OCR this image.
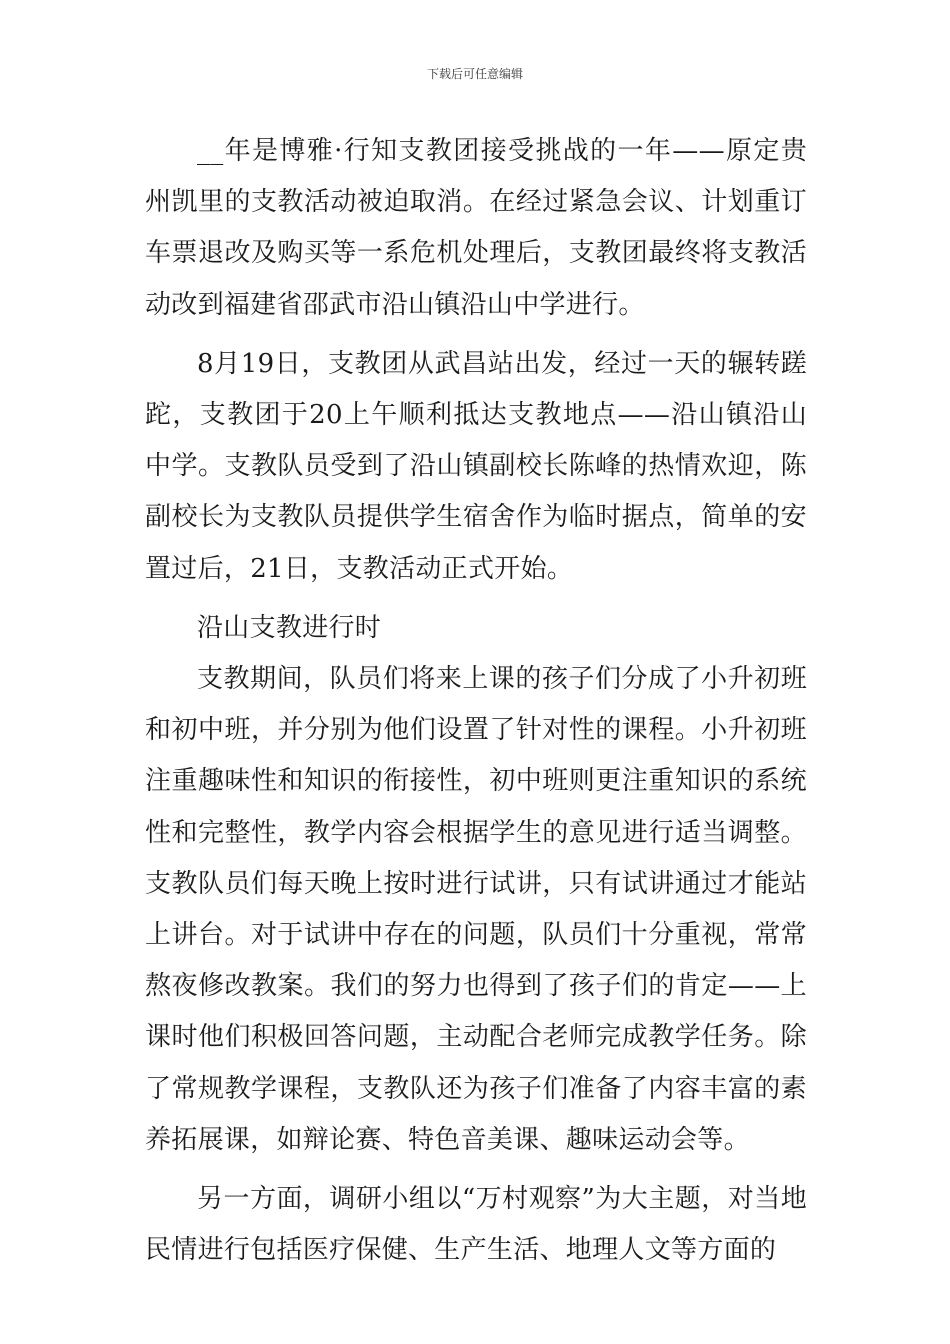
下载后可任意编辑

__年是博雅·行知支教团接受挑战的一年——原定贵州凯里的支教活动被迫取消。在经过紧急会议、计划重订车票退改及购买等一系危机处理后，支教团最终将支教活动改到福建省邵武市沿山镇沿山中学进行。

8月19日，支教团从武昌站出发，经过一天的辗转蹉跎，支教团于20上午顺利抵达支教地点——沿山镇沿山中学。支教队员受到了沿山镇副校长陈峰的热情欢迎，陈副校长为支教队员提供学生宿舍作为临时据点，简单的安置过后，21日，支教活动正式开始。

沿山支教进行时

支教期间，队员们将来上课的孩子们分成了小升初班和初中班，并分别为他们设置了针对性的课程。小升初班注重趣味性和知识的衔接性，初中班则更注重知识的系统性和完整性，教学内容会根据学生的意见进行适当调整。支教队员们每天晚上按时进行试讲，只有试讲通过才能站上讲台。对于试讲中存在的问题，队员们十分重视，常常熬夜修改教案。我们的努力也得到了孩子们的肯定——上课时他们积极回答问题，主动配合老师完成教学任务。除了常规教学课程，支教队还为孩子们准备了内容丰富的素养拓展课，如辩论赛、特色音美课、趣味运动会等。

另一方面，调研小组以“万村观察”为大主题，对当地民情进行包括医疗保健、生产生活、地理人文等方面的
